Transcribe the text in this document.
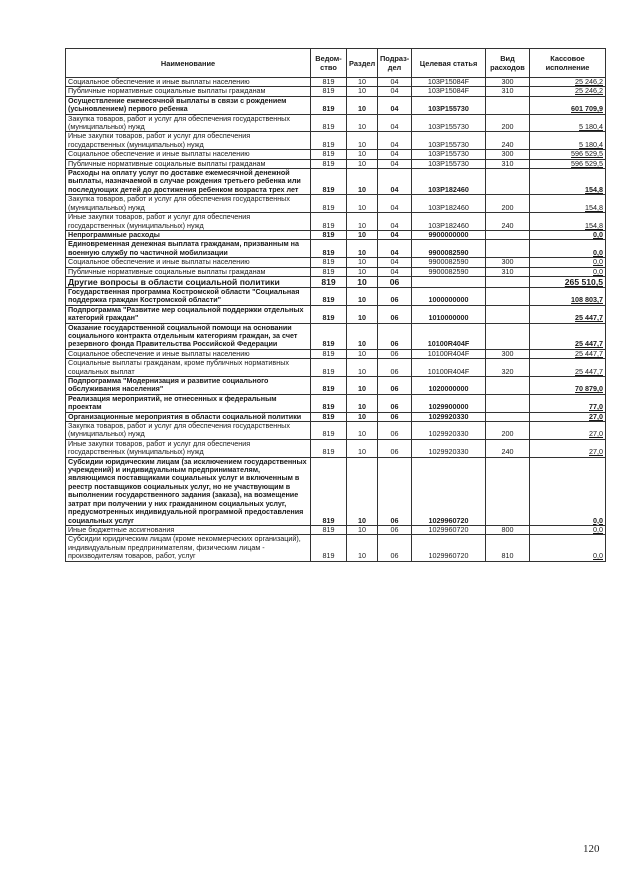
Наименование	Ведом-ство	Раздел	Подраз-дел	Целевая статья	Вид расходов	Кассовое исполнение
Социальное обеспечение и иные выплаты населению	819	10	04	103P15084F	300	25 246,2
Публичные нормативные социальные выплаты гражданам	819	10	04	103P15084F	310	25 246,2
Осуществление ежемесячной выплаты в связи с рождением (усыновлением) первого ребенка	819	10	04	103P155730		601 709,9
Закупка товаров, работ и услуг для обеспечения государственных (муниципальных) нужд	819	10	04	103P155730	200	5 180,4
Иные закупки товаров, работ и услуг для обеспечения государственных (муниципальных) нужд	819	10	04	103P155730	240	5 180,4
Социальное обеспечение и иные выплаты населению	819	10	04	103P155730	300	596 529,5
Публичные нормативные социальные выплаты гражданам	819	10	04	103P155730	310	596 529,5
Расходы на оплату услуг по доставке ежемесячной денежной выплаты, назначаемой в случае рождения третьего ребенка или последующих детей до достижения ребенком возраста трех лет	819	10	04	103P182460		154,8
Закупка товаров, работ и услуг для обеспечения государственных (муниципальных) нужд	819	10	04	103P182460	200	154,8
Иные закупки товаров, работ и услуг для обеспечения государственных (муниципальных) нужд	819	10	04	103P182460	240	154,8
Непрограммные расходы	819	10	04	9900000000		0,0
Единовременная денежная выплата гражданам, призванным на военную службу по частичной мобилизации	819	10	04	9900082590		0,0
Социальное обеспечение и иные выплаты населению	819	10	04	9900082590	300	0,0
Публичные нормативные социальные выплаты гражданам	819	10	04	9900082590	310	0,0
Другие вопросы в области социальной политики	819	10	06			265 510,5
Государственная программа Костромской области "Социальная поддержка граждан Костромской области"	819	10	06	1000000000		108 803,7
Подпрограмма "Развитие мер социальной поддержки отдельных категорий граждан"	819	10	06	1010000000		25 447,7
Оказание государственной социальной помощи на основании социального контракта отдельным категориям граждан, за счет резервного фонда Правительства Российской Федерации	819	10	06	10100R404F		25 447,7
Социальное обеспечение и иные выплаты населению	819	10	06	10100R404F	300	25 447,7
Социальные выплаты гражданам, кроме публичных нормативных социальных выплат	819	10	06	10100R404F	320	25 447,7
Подпрограмма "Модернизация и развитие социального обслуживания населения"	819	10	06	1020000000		70 879,0
Реализация мероприятий, не отнесенных к федеральным проектам	819	10	06	1029900000		77,0
Организационные мероприятия в области социальной политики	819	10	06	1029920330		27,0
Закупка товаров, работ и услуг для обеспечения государственных (муниципальных) нужд	819	10	06	1029920330	200	27,0
Иные закупки товаров, работ и услуг для обеспечения государственных (муниципальных) нужд	819	10	06	1029920330	240	27,0
Субсидии юридическим лицам (за исключением государственных учреждений) и индивидуальным предпринимателям, являющимся поставщиками социальных услуг и включенным в реестр поставщиков социальных услуг, но не участвующим в выполнении государственного задания (заказа), на возмещение затрат при получении у них гражданином социальных услуг, предусмотренных индивидуальной программой предоставления социальных услуг	819	10	06	1029960720		0,0
Иные бюджетные ассигнования	819	10	06	1029960720	800	0,0
Субсидии юридическим лицам (кроме некоммерческих организаций), индивидуальным предпринимателям, физическим лицам - производителям товаров, работ, услуг	819	10	06	1029960720	810	0,0
120
